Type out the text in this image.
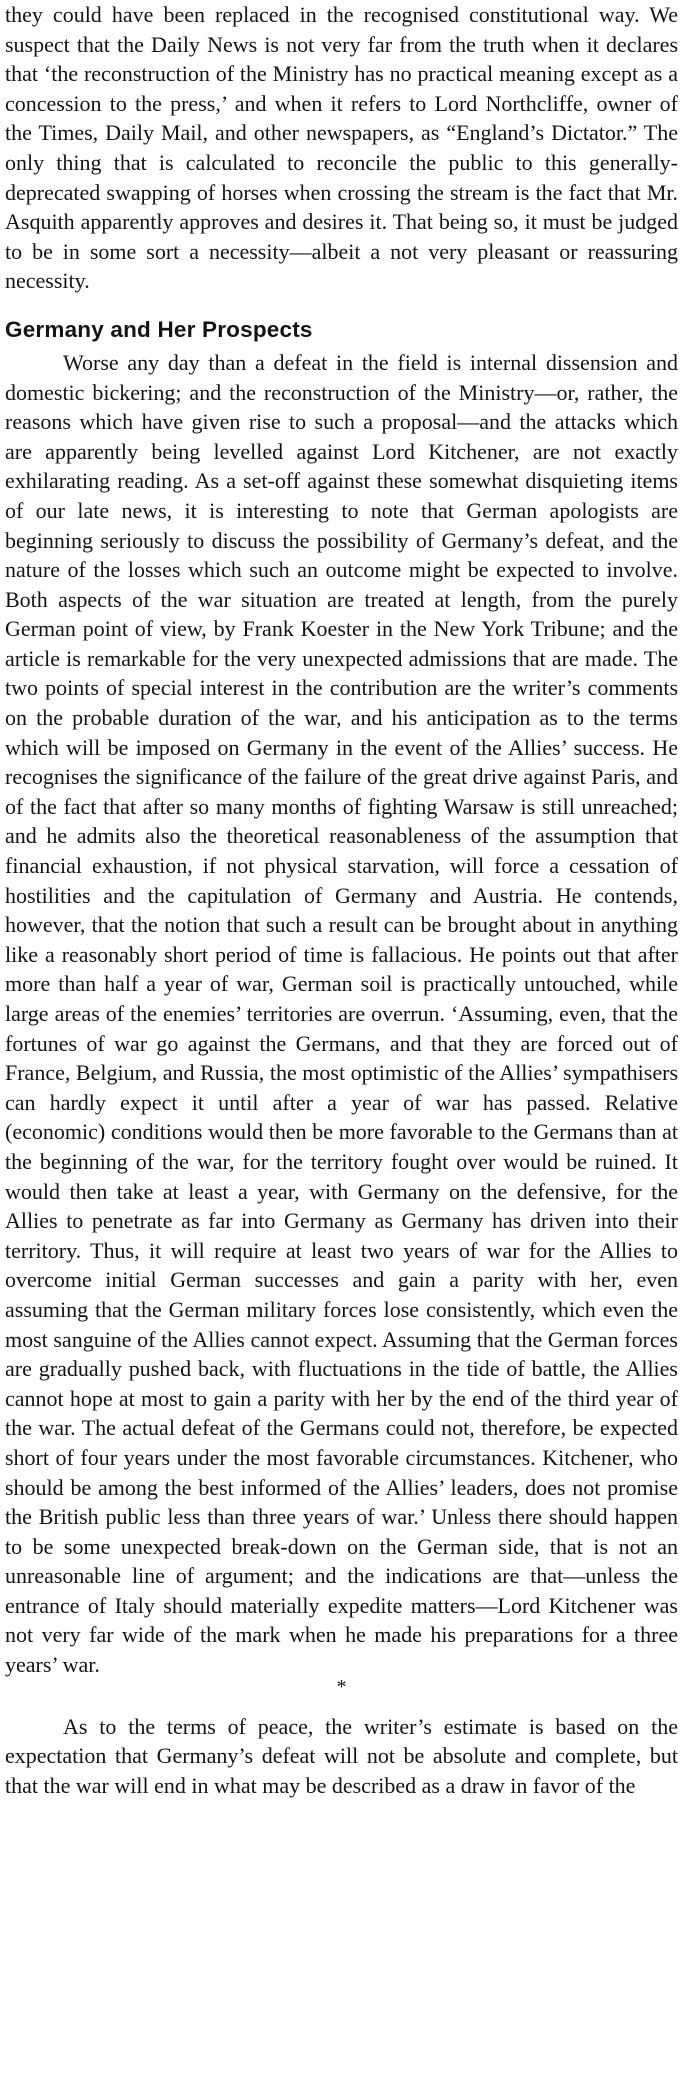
they could have been replaced in the recognised constitutional way. We suspect that the Daily News is not very far from the truth when it declares that ‘the reconstruction of the Ministry has no practical meaning except as a concession to the press,’ and when it refers to Lord Northcliffe, owner of the Times, Daily Mail, and other newspapers, as “England’s Dictator.” The only thing that is calculated to reconcile the public to this generally-deprecated swapping of horses when crossing the stream is the fact that Mr. Asquith apparently approves and desires it. That being so, it must be judged to be in some sort a necessity—albeit a not very pleasant or reassuring necessity.

Germany and Her Prospects

Worse any day than a defeat in the field is internal dissension and domestic bickering; and the reconstruction of the Ministry—or, rather, the reasons which have given rise to such a proposal—and the attacks which are apparently being levelled against Lord Kitchener, are not exactly exhilarating reading. As a set-off against these somewhat disquieting items of our late news, it is interesting to note that German apologists are beginning seriously to discuss the possibility of Germany’s defeat, and the nature of the losses which such an outcome might be expected to involve. Both aspects of the war situation are treated at length, from the purely German point of view, by Frank Koester in the New York Tribune; and the article is remarkable for the very unexpected admissions that are made. The two points of special interest in the contribution are the writer’s comments on the probable duration of the war, and his anticipation as to the terms which will be imposed on Germany in the event of the Allies’ success. He recognises the significance of the failure of the great drive against Paris, and of the fact that after so many months of fighting Warsaw is still unreached; and he admits also the theoretical reasonableness of the assumption that financial exhaustion, if not physical starvation, will force a cessation of hostilities and the capitulation of Germany and Austria. He contends, however, that the notion that such a result can be brought about in anything like a reasonably short period of time is fallacious. He points out that after more than half a year of war, German soil is practically untouched, while large areas of the enemies’ territories are overrun. ‘Assuming, even, that the fortunes of war go against the Germans, and that they are forced out of France, Belgium, and Russia, the most optimistic of the Allies’ sympathisers can hardly expect it until after a year of war has passed. Relative (economic) conditions would then be more favorable to the Germans than at the beginning of the war, for the territory fought over would be ruined. It would then take at least a year, with Germany on the defensive, for the Allies to penetrate as far into Germany as Germany has driven into their territory. Thus, it will require at least two years of war for the Allies to overcome initial German successes and gain a parity with her, even assuming that the German military forces lose consistently, which even the most sanguine of the Allies cannot expect. Assuming that the German forces are gradually pushed back, with fluctuations in the tide of battle, the Allies cannot hope at most to gain a parity with her by the end of the third year of the war. The actual defeat of the Germans could not, therefore, be expected short of four years under the most favorable circumstances. Kitchener, who should be among the best informed of the Allies’ leaders, does not promise the British public less than three years of war.’ Unless there should happen to be some unexpected break-down on the German side, that is not an unreasonable line of argument; and the indications are that—unless the entrance of Italy should materially expedite matters—Lord Kitchener was not very far wide of the mark when he made his preparations for a three years’ war.

*

As to the terms of peace, the writer’s estimate is based on the expectation that Germany’s defeat will not be absolute and complete, but that the war will end in what may be described as a draw in favor of the
